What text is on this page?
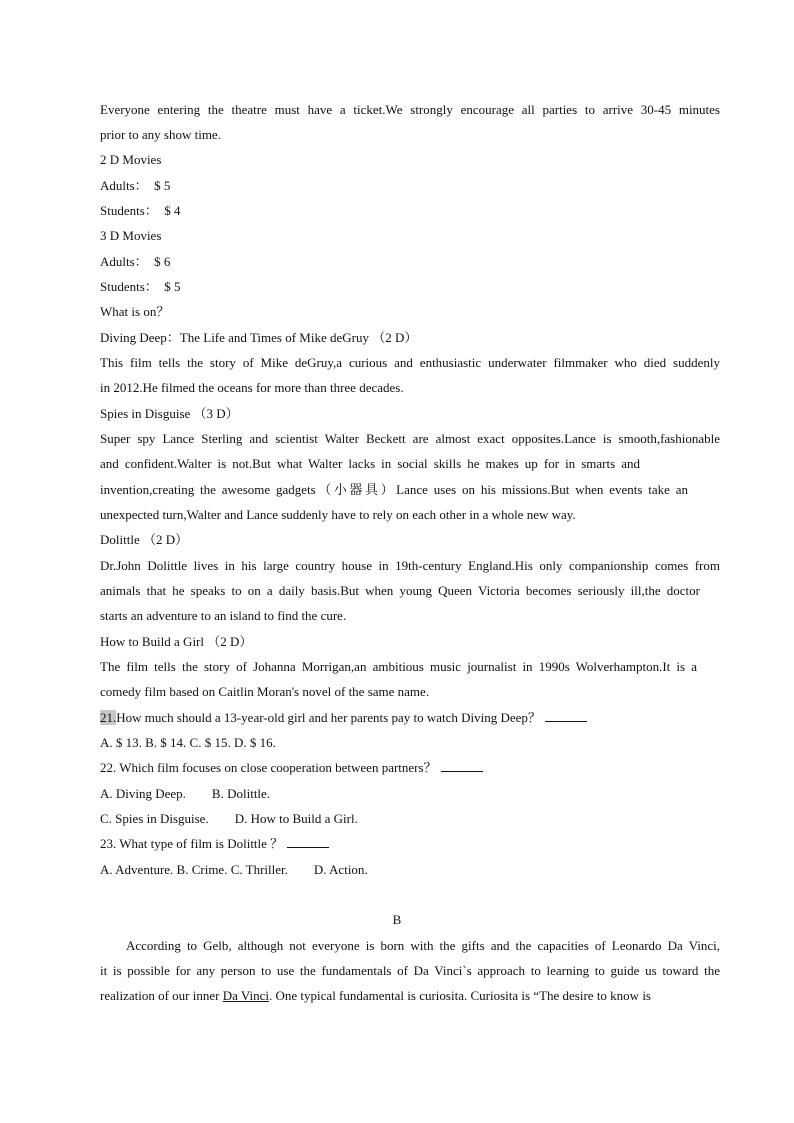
Everyone entering the theatre must have a ticket.We strongly encourage all parties to arrive 30-45 minutes
prior to any show time.
2 D Movies
Adults：　$ 5
Students：　$ 4
3 D Movies
Adults：　$ 6
Students：　$ 5
What is on？
Diving Deep：The Life and Times of Mike deGruy （2 D）
This film tells the story of Mike deGruy,a curious and enthusiastic underwater filmmaker who died suddenly
in 2012.He filmed the oceans for more than three decades.
Spies in Disguise （3 D）
Super spy Lance Sterling and scientist Walter Beckett are almost exact opposites.Lance is smooth,fashionable
and confident.Walter is not.But what Walter lacks in social skills he makes up for in smarts and
invention,creating the awesome gadgets（小器具）Lance uses on his missions.But when events take an
unexpected turn,Walter and Lance suddenly have to rely on each other in a whole new way.
Dolittle （2 D）
Dr.John Dolittle lives in his large country house in 19th-century England.His only companionship comes from
animals that he speaks to on a daily basis.But when young Queen Victoria becomes seriously ill,the doctor
starts an adventure to an island to find the cure.
How to Build a Girl （2 D）
The film tells the story of Johanna Morrigan,an ambitious music journalist in 1990s Wolverhampton.It is a
comedy film based on Caitlin Moran's novel of the same name.
21.How much should a 13-year-old girl and her parents pay to watch Diving Deep？
A. $ 13. B. $ 14. C. $ 15. D. $ 16.
22. Which film focuses on close cooperation between partners？
A. Diving Deep.　　B. Dolittle.
C. Spies in Disguise.　　D. How to Build a Girl.
23. What type of film is Dolittle ？
A. Adventure. B. Crime. C. Thriller.　　D. Action.
B
According to Gelb, although not everyone is born with the gifts and the capacities of Leonardo Da Vinci,
it is possible for any person to use the fundamentals of Da Vinci`s approach to learning to guide us toward the
realization of our inner Da Vinci. One typical fundamental is curiosita. Curiosita is “The desire to know is
